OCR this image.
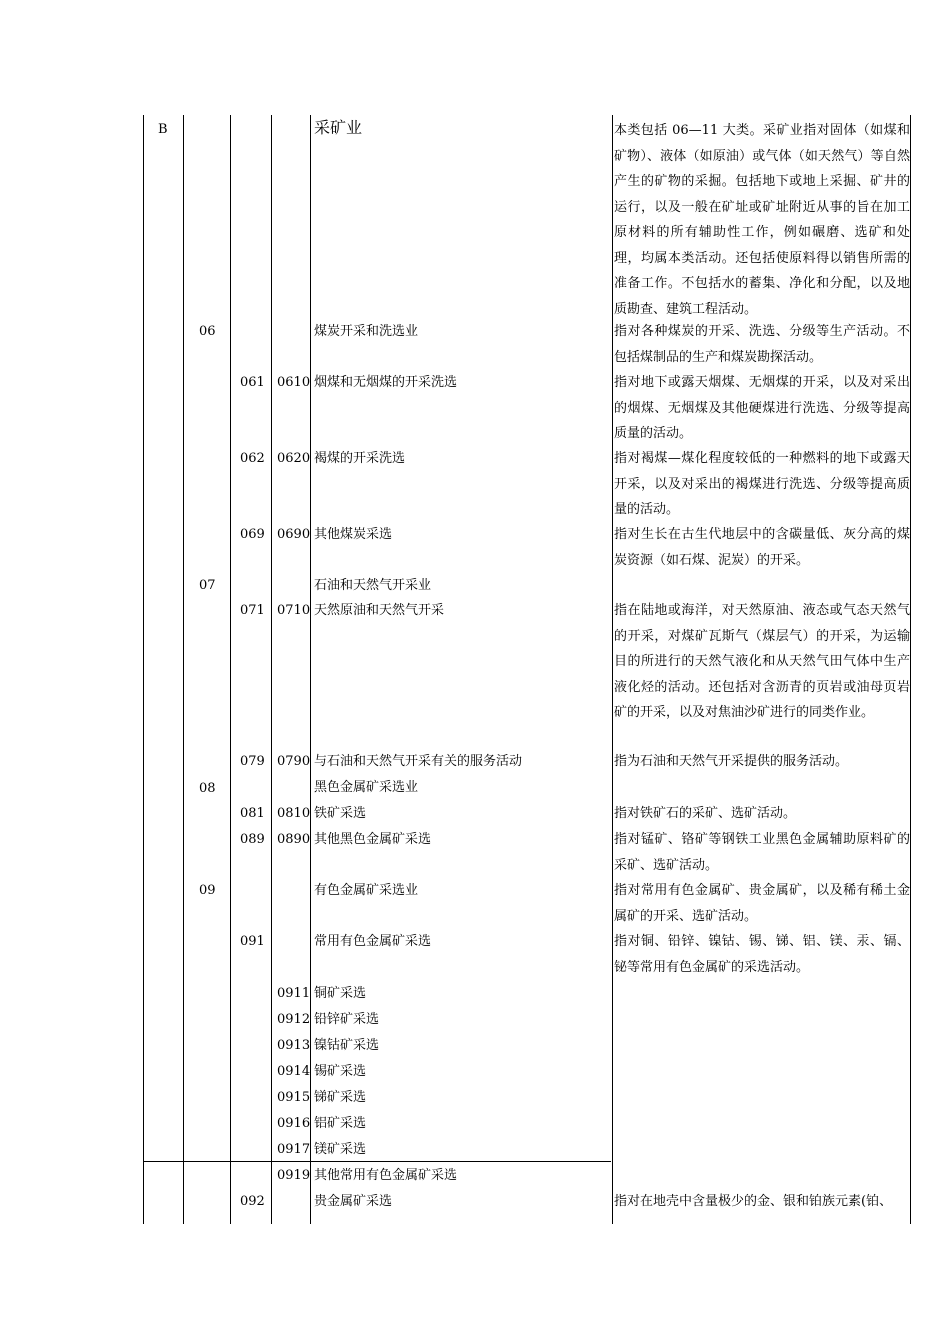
B	采矿业	本类包括 06—11 大类。采矿业指对固体（如煤和矿物）、液体（如原油）或气体（如天然气）等自然产生的矿物的采掘。包括地下或地上采掘、矿井的运行，以及一般在矿址或矿址附近从事的旨在加工原材料的所有辅助性工作，例如碾磨、选矿和处理，均属本类活动。还包括使原料得以销售所需的准备工作。不包括水的蓄集、净化和分配，以及地质勘查、建筑工程活动。
06	煤炭开采和洗选业	指对各种煤炭的开采、洗选、分级等生产活动。不包括煤制品的生产和煤炭勘探活动。
061 0610 烟煤和无烟煤的开采洗选	指对地下或露天烟煤、无烟煤的开采，以及对采出的烟煤、无烟煤及其他硬煤进行洗选、分级等提高质量的活动。
062 0620 褐煤的开采洗选	指对褐煤—煤化程度较低的一种燃料的地下或露天开采，以及对采出的褐煤进行洗选、分级等提高质量的活动。
069 0690 其他煤炭采选	指对生长在古生代地层中的含碳量低、灰分高的煤炭资源（如石煤、泥炭）的开采。
07	石油和天然气开采业
071 0710 天然原油和天然气开采	指在陆地或海洋，对天然原油、液态或气态天然气的开采，对煤矿瓦斯气（煤层气）的开采，为运输目的所进行的天然气液化和从天然气田气体中生产液化烃的活动。还包括对含沥青的页岩或油母页岩矿的开采，以及对焦油沙矿进行的同类作业。
079 0790 与石油和天然气开采有关的服务活动	指为石油和天然气开采提供的服务活动。
08	黑色金属矿采选业
081 0810 铁矿采选	指对铁矿石的采矿、选矿活动。
089 0890 其他黑色金属矿采选	指对锰矿、铬矿等钢铁工业黑色金属辅助原料矿的采矿、选矿活动。
09	有色金属矿采选业	指对常用有色金属矿、贵金属矿，以及稀有稀土金属矿的开采、选矿活动。
091	常用有色金属矿采选	指对铜、铅锌、镍钴、锡、锑、铝、镁、汞、镉、铋等常用有色金属矿的采选活动。
0911 铜矿采选
0912 铅锌矿采选
0913 镍钴矿采选
0914 锡矿采选
0915 锑矿采选
0916 铝矿采选
0917 镁矿采选
0919 其他常用有色金属矿采选
092	贵金属矿采选	指对在地壳中含量极少的金、银和铂族元素(铂、
